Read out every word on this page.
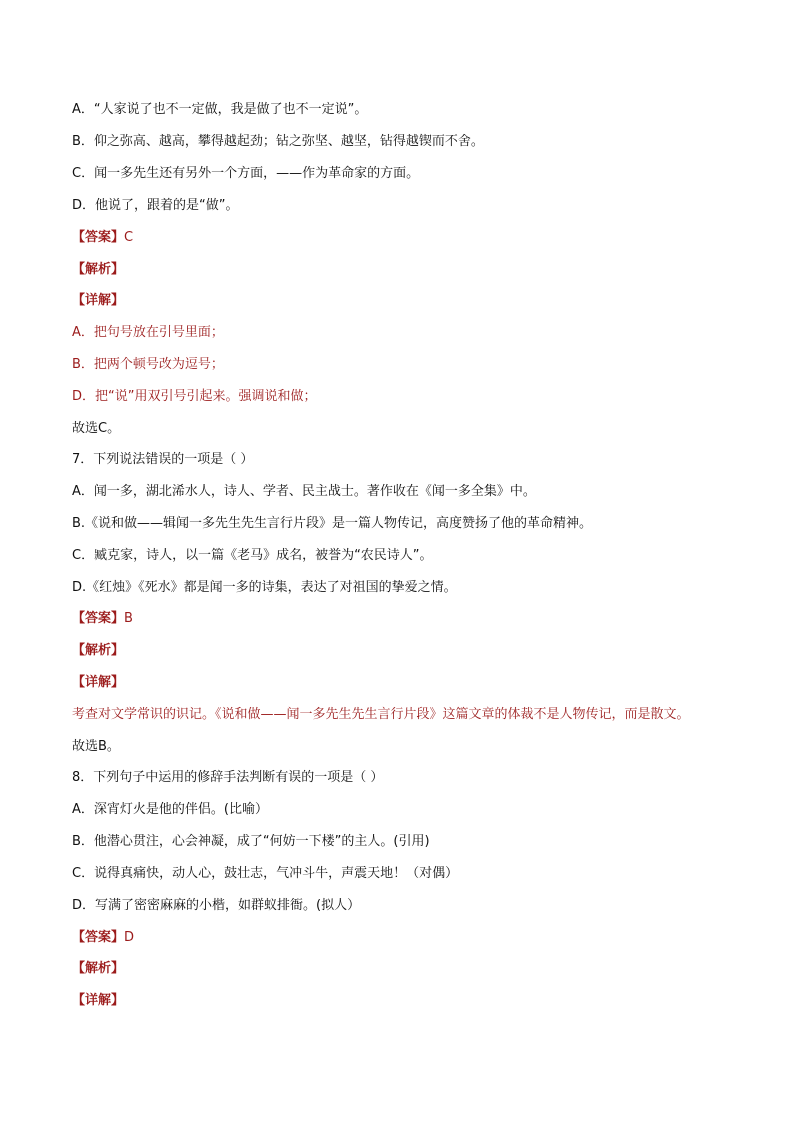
A．“人家说了也不一定做，我是做了也不一定说”。
B．仰之弥高、越高，攀得越起劲；钻之弥坚、越坚，钻得越锲而不舍。
C．闻一多先生还有另外一个方面，——作为革命家的方面。
D．他说了，跟着的是“做”。
【答案】C
【解析】
【详解】
A．把句号放在引号里面；
B．把两个顿号改为逗号；
D．把“说”用双引号引起来。强调说和做；
故选C。
7．下列说法错误的一项是（ ）
A．闻一多，湖北浠水人，诗人、学者、民主战士。著作收在《闻一多全集》中。
B.《说和做——辑闻一多先生先生言行片段》是一篇人物传记，高度赞扬了他的革命精神。
C．臧克家，诗人，以一篇《老马》成名，被誉为“农民诗人”。
D.《红烛》《死水》都是闻一多的诗集，表达了对祖国的挚爱之情。
【答案】B
【解析】
【详解】
考查对文学常识的识记。《说和做——闻一多先生先生言行片段》这篇文章的体裁不是人物传记，而是散文。
故选B。
8．下列句子中运用的修辞手法判断有误的一项是（ ）
A．深宵灯火是他的伴侣。(比喻）
B．他潜心贯注，心会神凝，成了“何妨一下楼”的主人。(引用)
C．说得真痛快，动人心，鼓壮志，气冲斗牛，声震天地！（对偶）
D．写满了密密麻麻的小楷，如群蚁排衙。(拟人）
【答案】D
【解析】
【详解】
